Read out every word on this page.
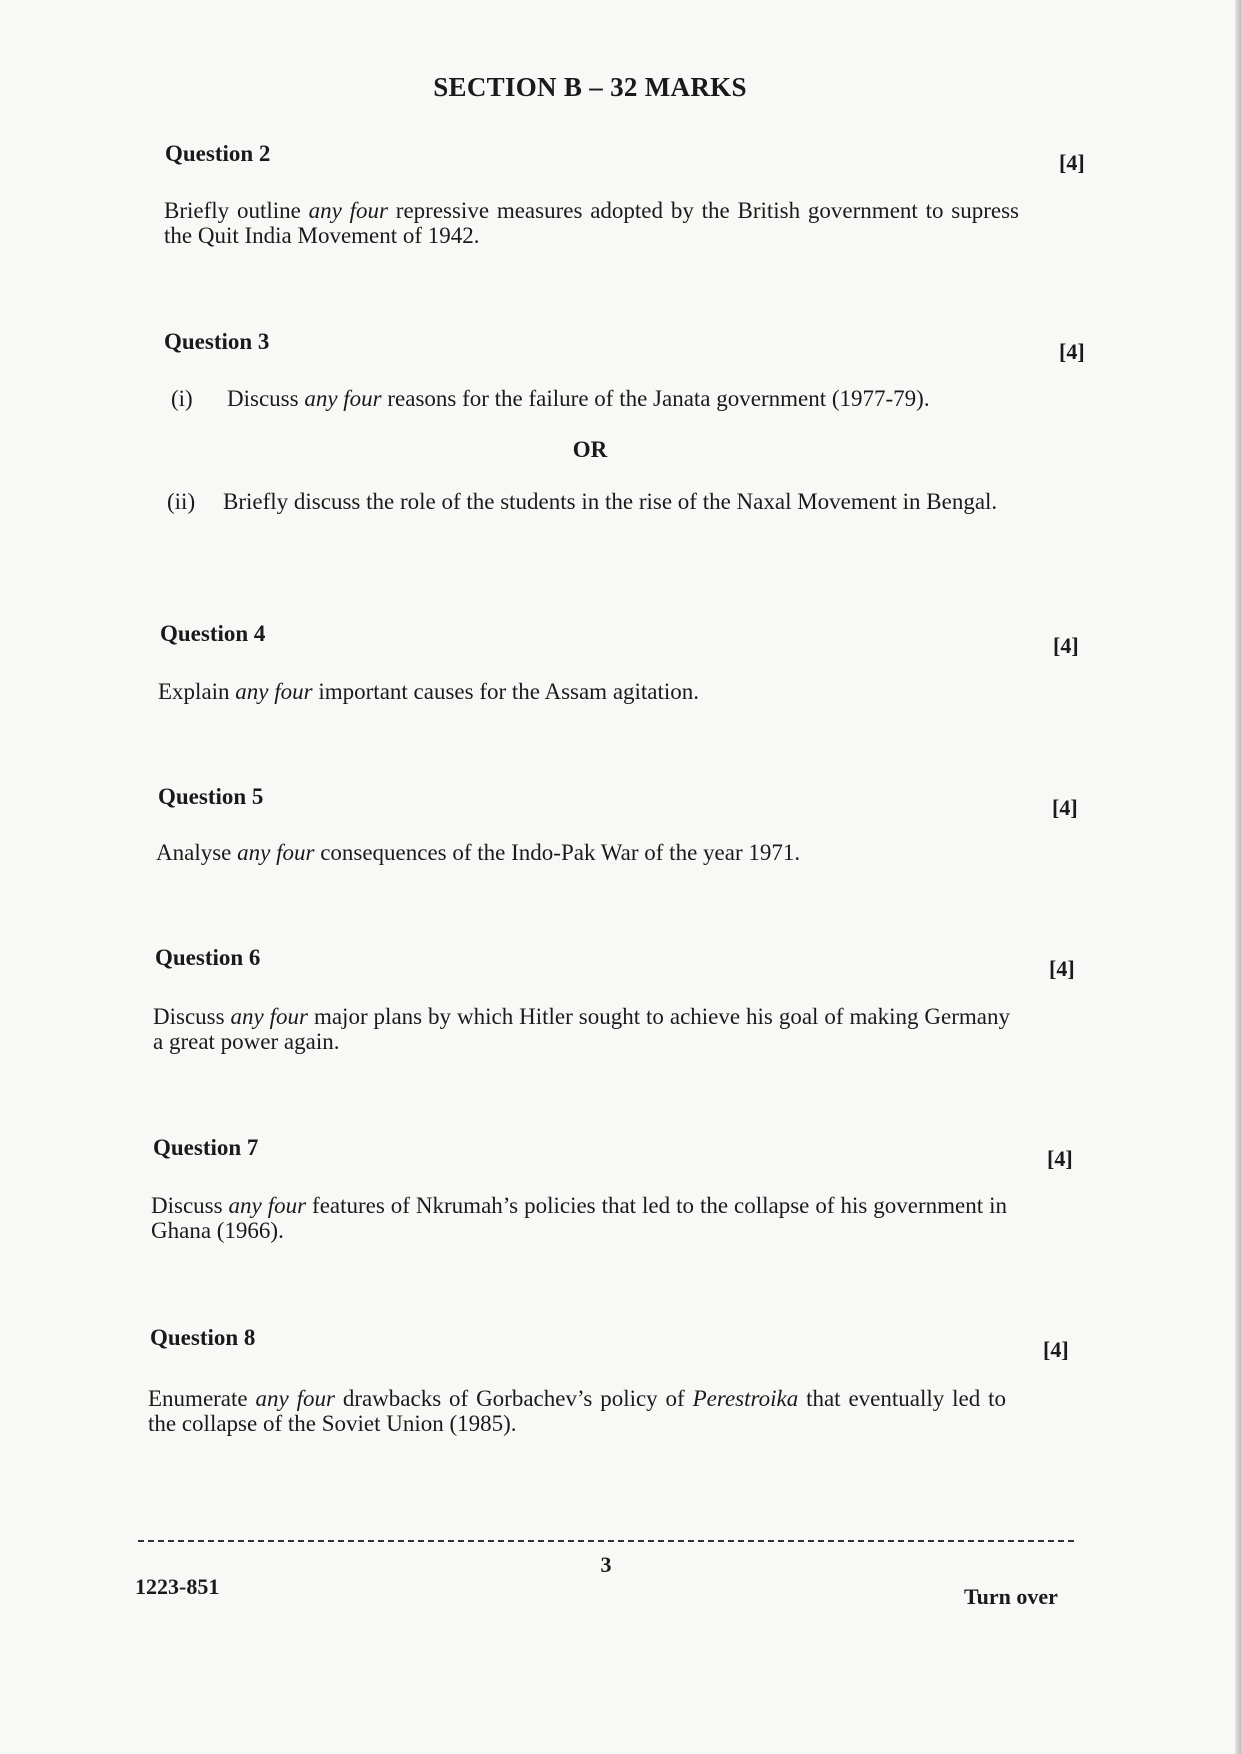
SECTION B – 32 MARKS
Question 2	[4]
Briefly outline any four repressive measures adopted by the British government to supress the Quit India Movement of 1942.
Question 3	[4]
(i) Discuss any four reasons for the failure of the Janata government (1977-79).
OR
(ii) Briefly discuss the role of the students in the rise of the Naxal Movement in Bengal.
Question 4	[4]
Explain any four important causes for the Assam agitation.
Question 5	[4]
Analyse any four consequences of the Indo-Pak War of the year 1971.
Question 6	[4]
Discuss any four major plans by which Hitler sought to achieve his goal of making Germany a great power again.
Question 7	[4]
Discuss any four features of Nkrumah’s policies that led to the collapse of his government in Ghana (1966).
Question 8	[4]
Enumerate any four drawbacks of Gorbachev’s policy of Perestroika that eventually led to the collapse of the Soviet Union (1985).
3
1223-851	Turn over
